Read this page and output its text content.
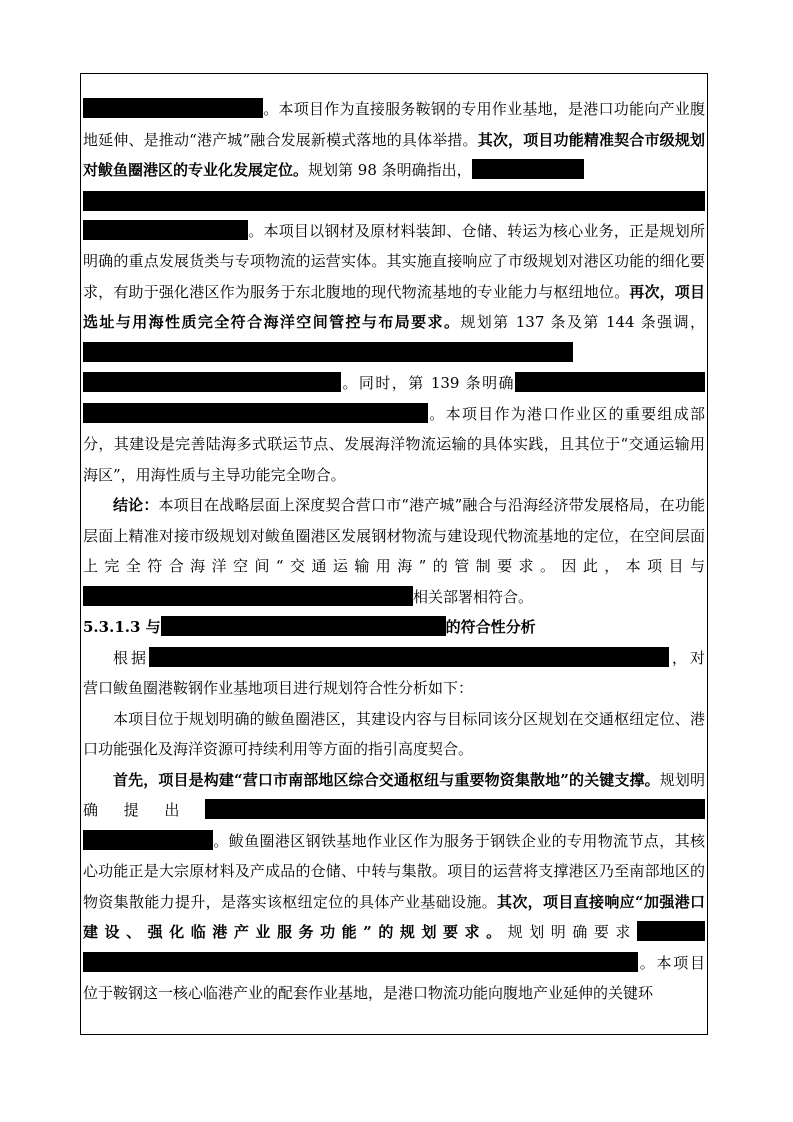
。本项目作为直接服务鞍钢的专用作业基地，是港口功能向产业腹地延伸、是推动“港产城”融合发展新模式落地的具体举措。其次，项目功能精准契合市级规划对鲅鱼圈港区的专业化发展定位。规划第 98 条明确指出，
。本项目以钢材及原材料装卸、仓储、转运为核心业务，正是规划所明确的重点发展货类与专项物流的运营实体。其实施直接响应了市级规划对港区功能的细化要求，有助于强化港区作为服务于东北腹地的现代物流基地的专业能力与枢纽地位。再次，项目选址与用海性质完全符合海洋空间管控与布局要求。规划第 137 条及第 144 条强调，。同时，第 139 条明确。本项目作为港口作业区的重要组成部分，其建设是完善陆海多式联运节点、发展海洋物流运输的具体实践，且其位于“交通运输用海区”，用海性质与主导功能完全吻合。

结论：本项目在战略层面上深度契合营口市“港产城”融合与沿海经济带发展格局，在功能层面上精准对接市级规划对鲅鱼圈港区发展钢材物流与建设现代物流基地的定位，在空间层面上完全符合海洋空间“交通运输用海”的管制要求。因此，本项目与相关部署相符合。

5.3.1.3 与	的符合性分析

根据	，对营口鲅鱼圈港鞍钢作业基地项目进行规划符合性分析如下：

本项目位于规划明确的鲅鱼圈港区，其建设内容与目标同该分区规划在交通枢纽定位、港口功能强化及海洋资源可持续利用等方面的指引高度契合。

首先，项目是构建“营口市南部地区综合交通枢纽与重要物资集散地”的关键支撑。规划明确提出。鲅鱼圈港区钢铁基地作业区作为服务于钢铁企业的专用物流节点，其核心功能正是大宗原材料及产成品的仓储、中转与集散。项目的运营将支撑港区乃至南部地区的物资集散能力提升，是落实该枢纽定位的具体产业基础设施。其次，项目直接响应“加强港口建设、强化临港产业服务功能”的规划要求。规划明确要求。本项目位于鞍钢这一核心临港产业的配套作业基地，是港口物流功能向腹地产业延伸的关键环
